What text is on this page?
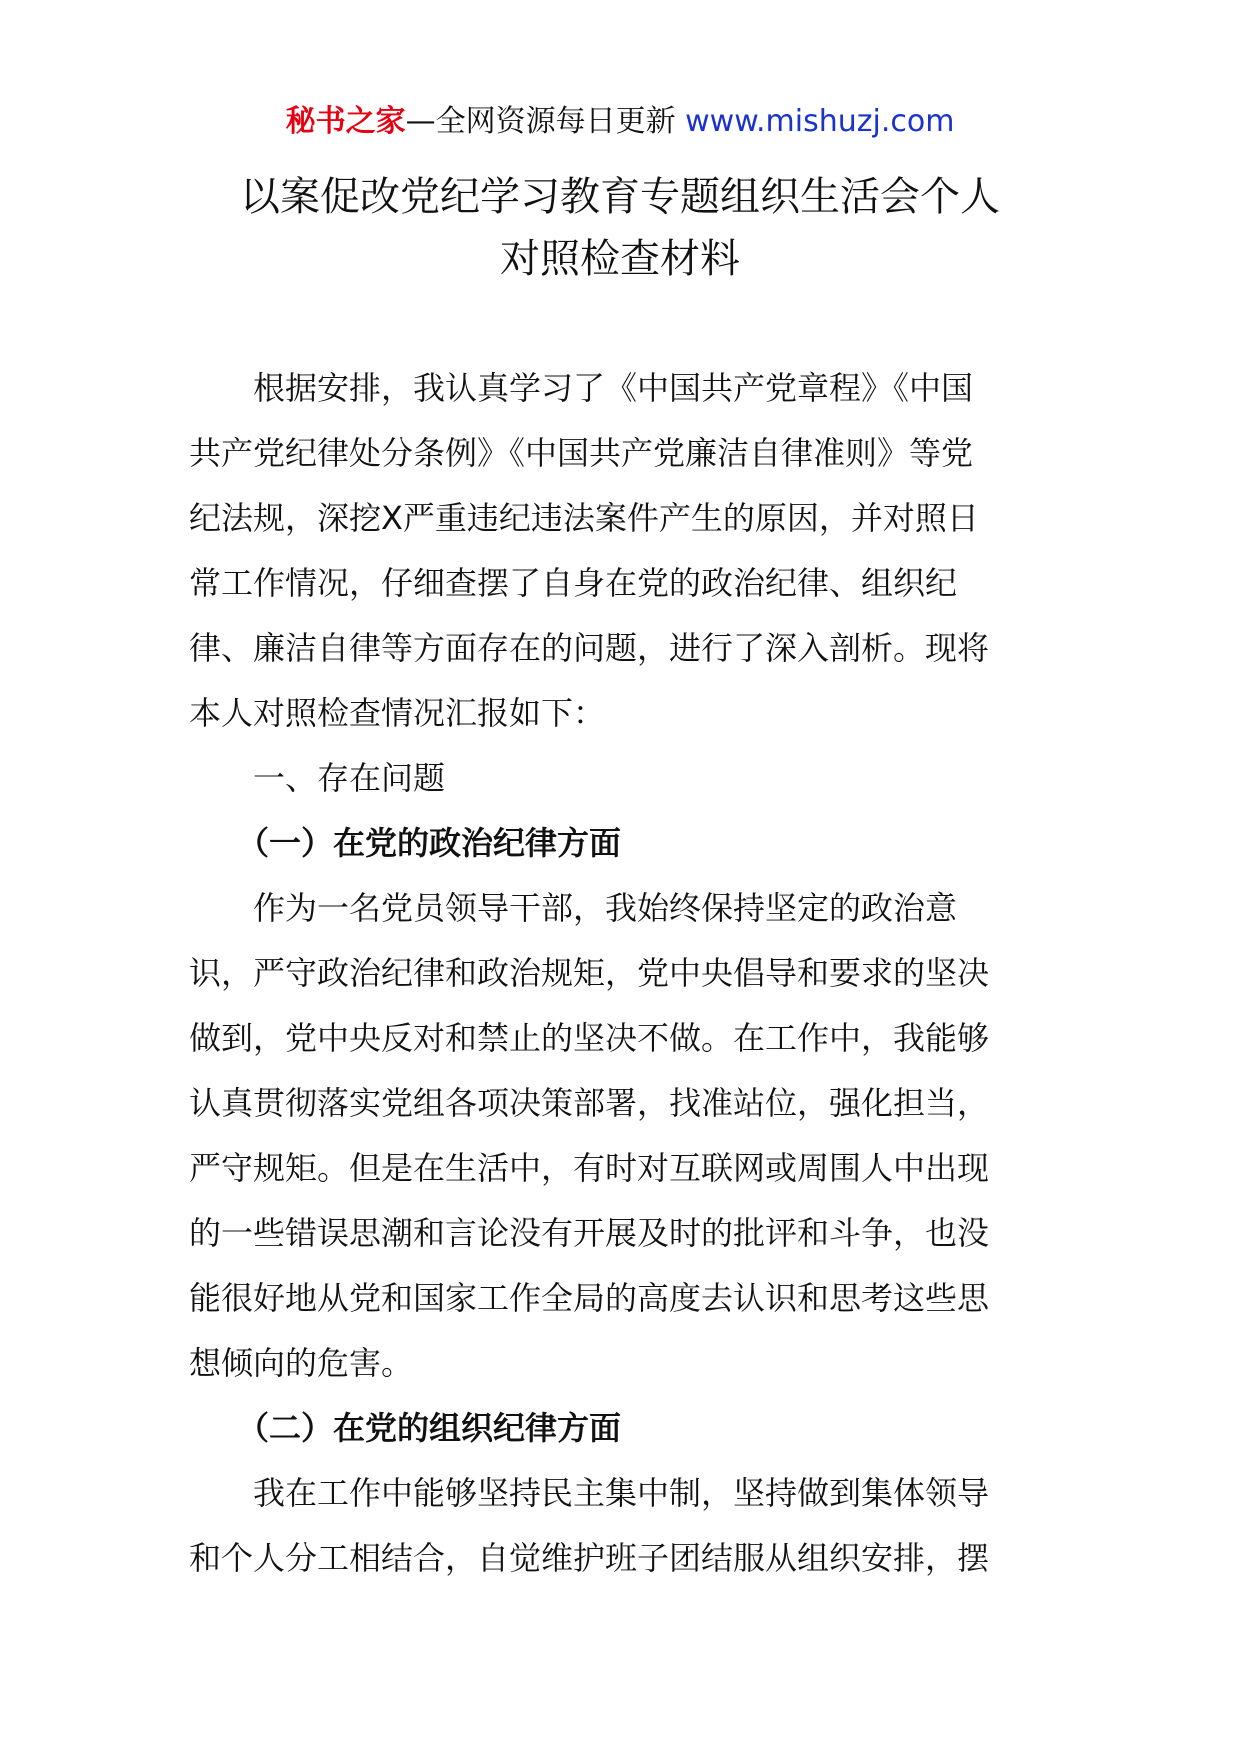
秘书之家—全网资源每日更新 www.mishuzj.com
以案促改党纪学习教育专题组织生活会个人
对照检查材料

根据安排，我认真学习了《中国共产党章程》《中国
共产党纪律处分条例》《中国共产党廉洁自律准则》等党
纪法规，深挖X严重违纪违法案件产生的原因，并对照日
常工作情况，仔细查摆了自身在党的政治纪律、组织纪
律、廉洁自律等方面存在的问题，进行了深入剖析。现将
本人对照检查情况汇报如下：

一、存在问题

（一）在党的政治纪律方面

作为一名党员领导干部，我始终保持坚定的政治意
识，严守政治纪律和政治规矩，党中央倡导和要求的坚决
做到，党中央反对和禁止的坚决不做。在工作中，我能够
认真贯彻落实党组各项决策部署，找准站位，强化担当，
严守规矩。但是在生活中，有时对互联网或周围人中出现
的一些错误思潮和言论没有开展及时的批评和斗争，也没
能很好地从党和国家工作全局的高度去认识和思考这些思
想倾向的危害。

（二）在党的组织纪律方面

我在工作中能够坚持民主集中制，坚持做到集体领导
和个人分工相结合，自觉维护班子团结服从组织安排，摆
